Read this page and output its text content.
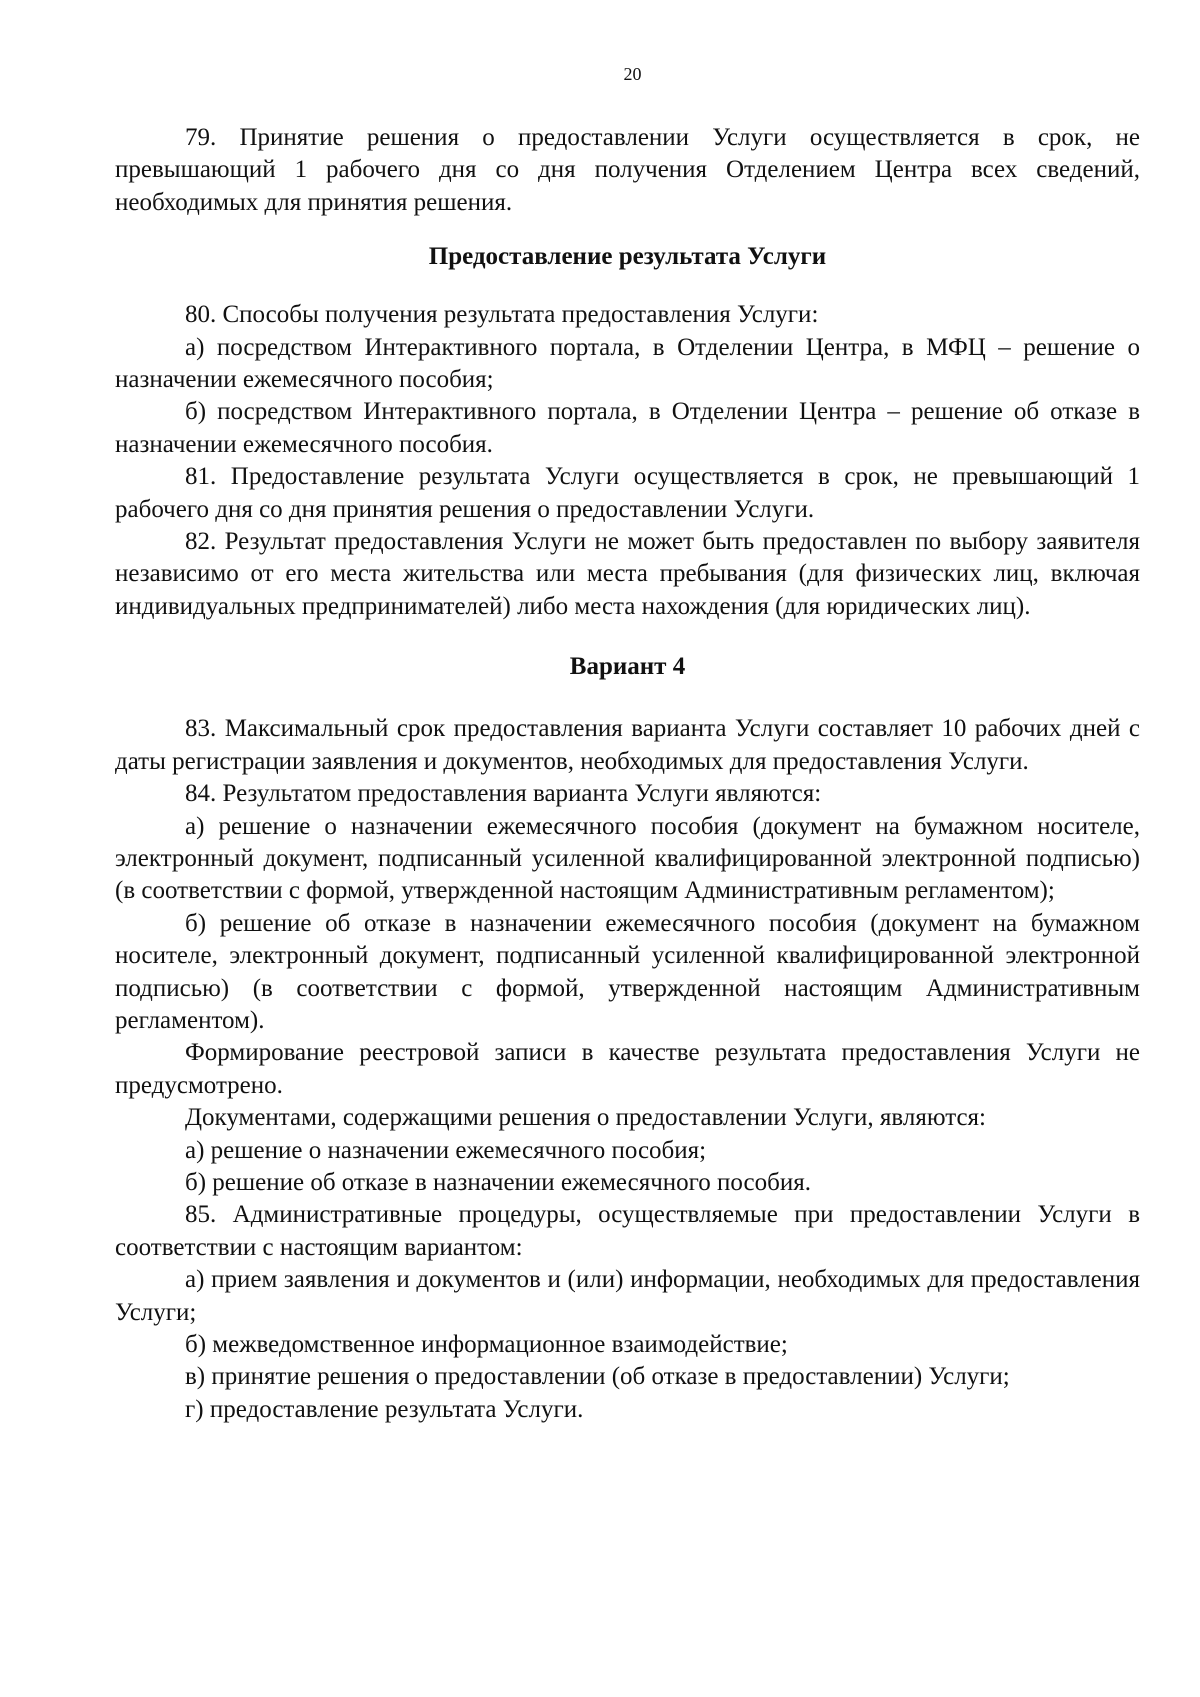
20

79. Принятие решения о предоставлении Услуги осуществляется в срок, не превышающий 1 рабочего дня со дня получения Отделением Центра всех сведений, необходимых для принятия решения.

Предоставление результата Услуги

80. Способы получения результата предоставления Услуги:

а) посредством Интерактивного портала, в Отделении Центра, в МФЦ – решение о назначении ежемесячного пособия;

б) посредством Интерактивного портала, в Отделении Центра – решение об отказе в назначении ежемесячного пособия.

81. Предоставление результата Услуги осуществляется в срок, не превышающий 1 рабочего дня со дня принятия решения о предоставлении Услуги.

82. Результат предоставления Услуги не может быть предоставлен по выбору заявителя независимо от его места жительства или места пребывания (для физических лиц, включая индивидуальных предпринимателей) либо места нахождения (для юридических лиц).

Вариант 4

83. Максимальный срок предоставления варианта Услуги составляет 10 рабочих дней с даты регистрации заявления и документов, необходимых для предоставления Услуги.

84. Результатом предоставления варианта Услуги являются:

а) решение о назначении ежемесячного пособия (документ на бумажном носителе, электронный документ, подписанный усиленной квалифицированной электронной подписью) (в соответствии с формой, утвержденной настоящим Административным регламентом);

б) решение об отказе в назначении ежемесячного пособия (документ на бумажном носителе, электронный документ, подписанный усиленной квалифицированной электронной подписью) (в соответствии с формой, утвержденной настоящим Административным регламентом).

Формирование реестровой записи в качестве результата предоставления Услуги не предусмотрено.

Документами, содержащими решения о предоставлении Услуги, являются:

а) решение о назначении ежемесячного пособия;

б) решение об отказе в назначении ежемесячного пособия.

85. Административные процедуры, осуществляемые при предоставлении Услуги в соответствии с настоящим вариантом:

а) прием заявления и документов и (или) информации, необходимых для предоставления Услуги;

б) межведомственное информационное взаимодействие;

в) принятие решения о предоставлении (об отказе в предоставлении) Услуги;

г) предоставление результата Услуги.
